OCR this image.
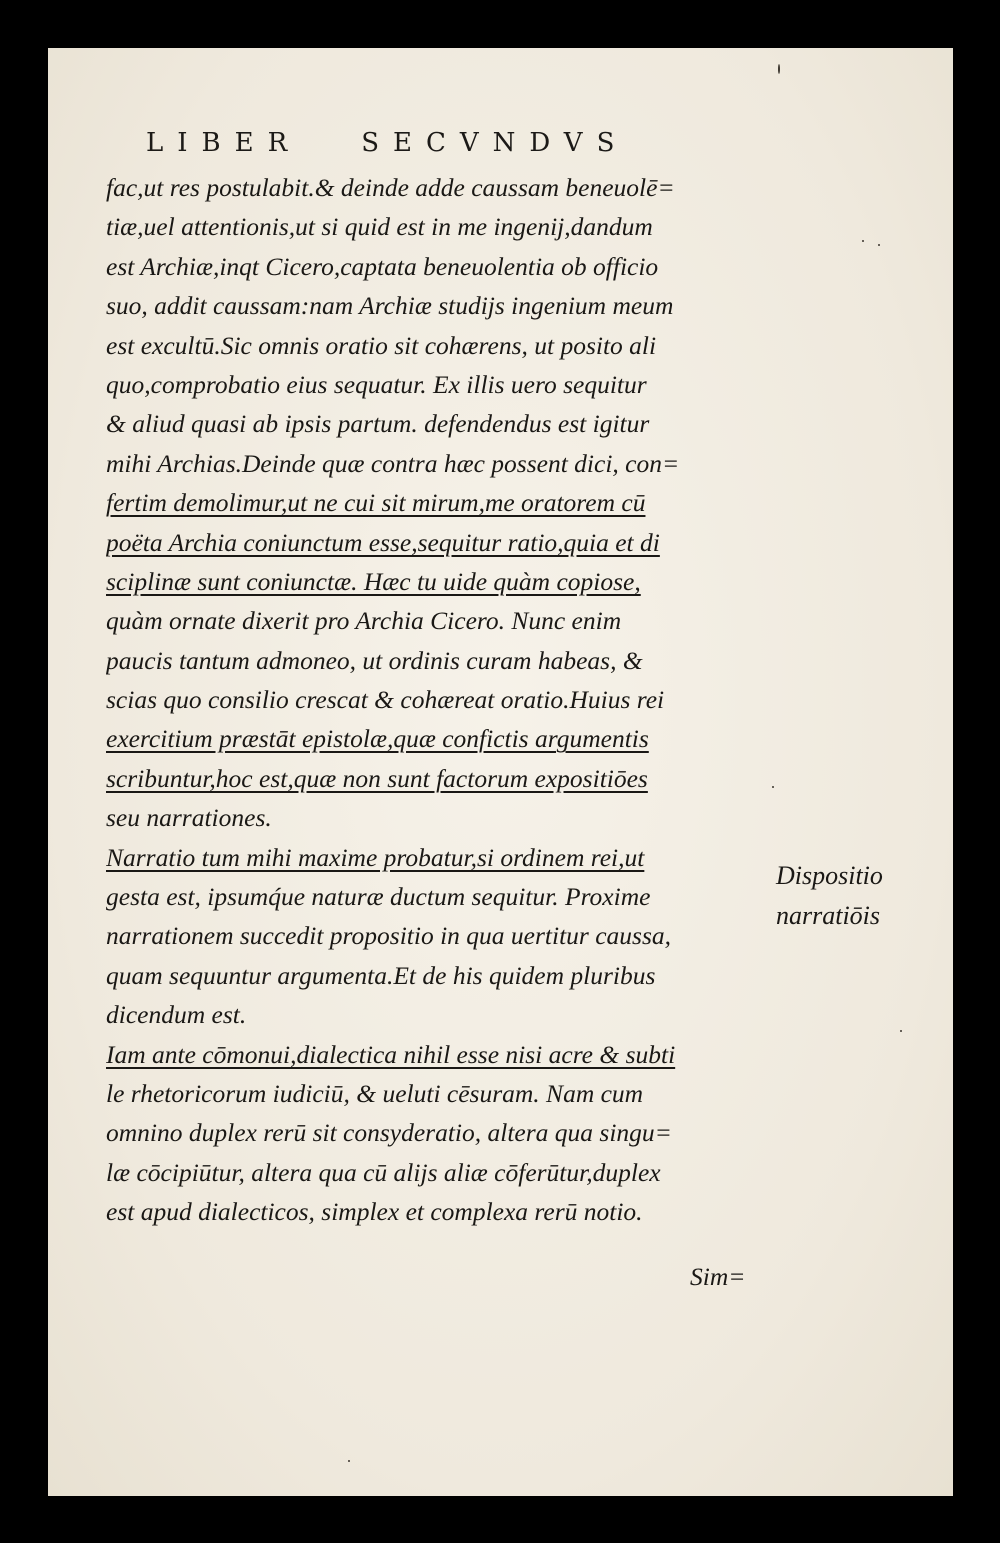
LIBER SECVNDVS
fac,ut res postulabit.& deinde adde caussam beneuolē=
tiæ,uel attentionis,ut si quid est in me ingenij,dandum
est Archiæ,inqt Cicero,captata beneuolentia ob officio
suo, addit caussam:nam Archiæ studijs ingenium meum
est excultū.Sic omnis oratio sit cohærens, ut posito ali
quo,comprobatio eius sequatur. Ex illis uero sequitur
& aliud quasi ab ipsis partum. defendendus est igitur
mihi Archias.Deinde quæ contra hæc possent dici, con=
fertim demolimur,ut ne cui sit mirum,me oratorem cū
poëta Archia coniunctum esse,sequitur ratio,quia et di
sciplinæ sunt coniunctæ. Hæc tu uide quàm copiose,
quàm ornate dixerit pro Archia Cicero. Nunc enim
paucis tantum admoneo, ut ordinis curam habeas, &
scias quo consilio crescat & cohæreat oratio.Huius rei
exercitium præstāt epistolæ,quæ confictis argumentis
scribuntur,hoc est,quæ non sunt factorum expositiōes
seu narrationes.
Narratio tum mihi maxime probatur,si ordinem rei,ut
gesta est, ipsumq́ue naturæ ductum sequitur. Proxime
narrationem succedit propositio in qua uertitur caussa,
quam sequuntur argumenta.Et de his quidem pluribus
dicendum est.
Iam ante cōmonui,dialectica nihil esse nisi acre & subti
le rhetoricorum iudiciū, & ueluti cēsuram. Nam cum
omnino duplex rerū sit consyderatio, altera qua singu=
læ cōcipiūtur, altera qua cū alijs aliæ cōferūtur,duplex
est apud dialecticos, simplex et complexa rerū notio.
Dispositio
narratiōis
Sim=
